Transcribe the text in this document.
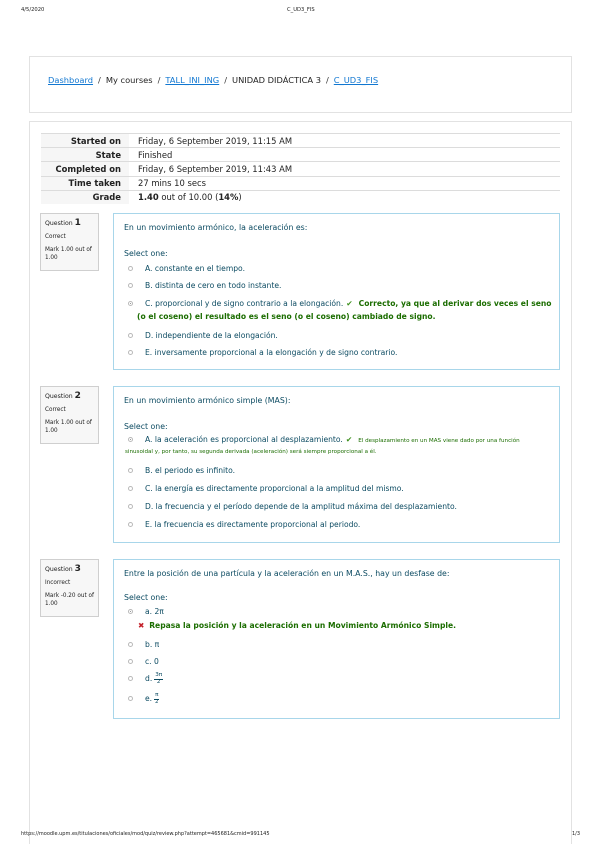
4/5/2020	C_UD3_FIS
Dashboard / My courses / TALL_INI_ING / UNIDAD DIDÁCTICA 3 / C_UD3_FIS
Started on	Friday, 6 September 2019, 11:15 AM
State	Finished
Completed on	Friday, 6 September 2019, 11:43 AM
Time taken	27 mins 10 secs
Grade	1.40 out of 10.00 (14%)
Question 1
Correct
Mark 1.00 out of 1.00
En un movimiento armónico, la aceleración es:
Select one:
A. constante en el tiempo.
B. distinta de cero en todo instante.
C. proporcional y de signo contrario a la elongación. ✔ Correcto, ya que al derivar dos veces el seno
(o el coseno) el resultado es el seno (o el coseno) cambiado de signo.
D. independiente de la elongación.
E. inversamente proporcional a la elongación y de signo contrario.
Question 2
Correct
Mark 1.00 out of 1.00
En un movimiento armónico simple (MAS):
Select one:
A. la aceleración es proporcional al desplazamiento. ✔ El desplazamiento en un MAS viene dado por una función
sinusoidal y, por tanto, su segunda derivada (aceleración) será siempre proporcional a él.
B. el periodo es infinito.
C. la energía es directamente proporcional a la amplitud del mismo.
D. la frecuencia y el período depende de la amplitud máxima del desplazamiento.
E. la frecuencia es directamente proporcional al periodo.
Question 3
Incorrect
Mark -0.20 out of 1.00
Entre la posición de una partícula y la aceleración en un M.A.S., hay un desfase de:
Select one:
a. 2π
✖ Repasa la posición y la aceleración en un Movimiento Armónico Simple.
b. π
c. 0
d. $\frac{3\pi}{2}$
e. $\frac{\pi}{2}$
https://moodle.upm.es/titulaciones/oficiales/mod/quiz/review.php?attempt=465681&cmid=991145	1/3
